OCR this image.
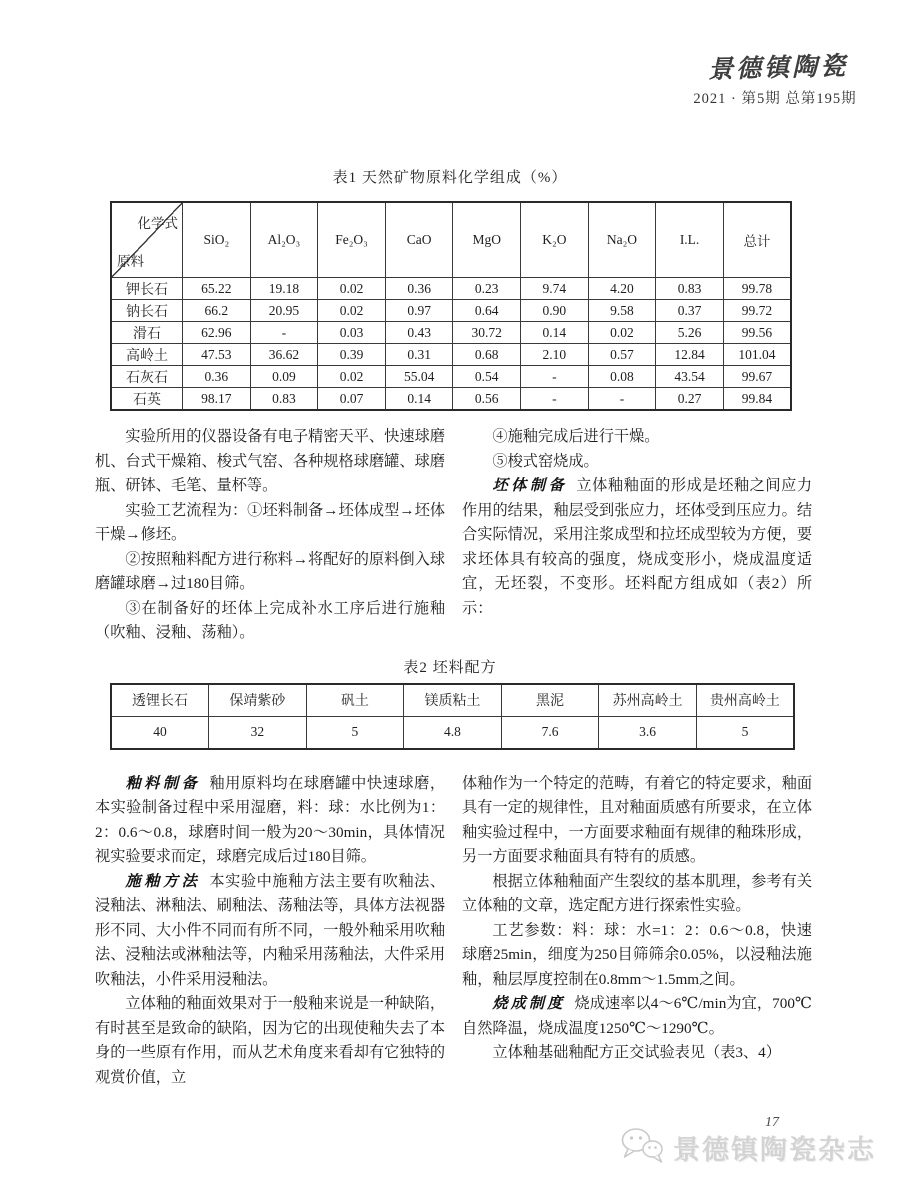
景德镇陶瓷
2021 · 第5期 总第195期
表1 天然矿物原料化学组成（%）
化学式
原料	SiO₂	Al₂O₃	Fe₂O₃	CaO	MgO	K₂O	Na₂O	I.L.	总计
钾长石	65.22	19.18	0.02	0.36	0.23	9.74	4.20	0.83	99.78
钠长石	66.2	20.95	0.02	0.97	0.64	0.90	9.58	0.37	99.72
滑石	62.96	-	0.03	0.43	30.72	0.14	0.02	5.26	99.56
高岭土	47.53	36.62	0.39	0.31	0.68	2.10	0.57	12.84	101.04
石灰石	0.36	0.09	0.02	55.04	0.54	-	0.08	43.54	99.67
石英	98.17	0.83	0.07	0.14	0.56	-	-	0.27	99.84

实验所用的仪器设备有电子精密天平、快速球磨机、台式干燥箱、梭式气窑、各种规格球磨罐、球磨瓶、研钵、毛笔、量杯等。

实验工艺流程为：①坯料制备→坯体成型→坯体干燥→修坯。

②按照釉料配方进行称料→将配好的原料倒入球磨罐球磨→过180目筛。

③在制备好的坯体上完成补水工序后进行施釉（吹釉、浸釉、荡釉）。

④施釉完成后进行干燥。

⑤梭式窑烧成。

坯体制备 立体釉釉面的形成是坯釉之间应力作用的结果，釉层受到张应力，坯体受到压应力。结合实际情况，采用注浆成型和拉坯成型较为方便，要求坯体具有较高的强度，烧成变形小，烧成温度适宜，无坯裂，不变形。坯料配方组成如（表2）所示：

表2 坯料配方
透锂长石	保靖紫砂	矾土	镁质粘土	黑泥	苏州高岭土	贵州高岭土
40	32	5	4.8	7.6	3.6	5

釉料制备 釉用原料均在球磨罐中快速球磨，本实验制备过程中采用湿磨，料：球：水比例为1：2：0.6～0.8，球磨时间一般为20～30min，具体情况视实验要求而定，球磨完成后过180目筛。

施釉方法 本实验中施釉方法主要有吹釉法、浸釉法、淋釉法、刷釉法、荡釉法等，具体方法视器形不同、大小件不同而有所不同，一般外釉采用吹釉法、浸釉法或淋釉法等，内釉采用荡釉法，大件采用吹釉法，小件采用浸釉法。

立体釉的釉面效果对于一般釉来说是一种缺陷，有时甚至是致命的缺陷，因为它的出现使釉失去了本身的一些原有作用，而从艺术角度来看却有它独特的观赏价值，立

体釉作为一个特定的范畴，有着它的特定要求，釉面具有一定的规律性，且对釉面质感有所要求，在立体釉实验过程中，一方面要求釉面有规律的釉珠形成，另一方面要求釉面具有特有的质感。

根据立体釉釉面产生裂纹的基本肌理，参考有关立体釉的文章，选定配方进行探索性实验。

工艺参数：料：球：水=1：2：0.6～0.8，快速球磨25min，细度为250目筛筛余0.05%，以浸釉法施釉，釉层厚度控制在0.8mm～1.5mm之间。

烧成制度 烧成速率以4～6℃/min为宜，700℃自然降温，烧成温度1250℃～1290℃。

立体釉基础釉配方正交试验表见（表3、4）

17
景德镇陶瓷杂志
